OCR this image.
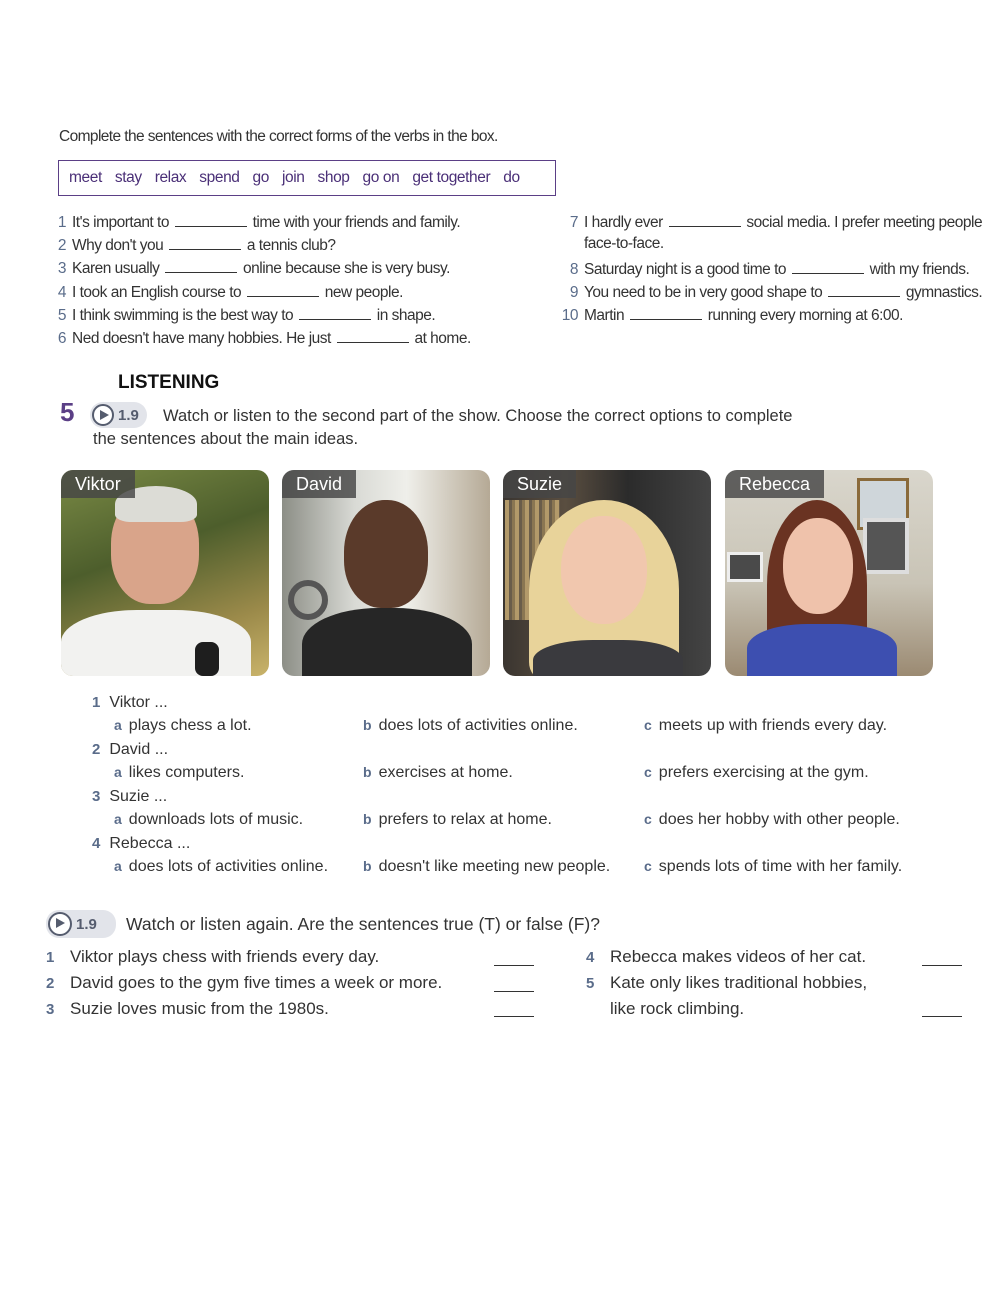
Complete the sentences with the correct forms of the verbs in the box.
meet stay relax spend go join shop go on get together do
1 It's important to	time with your friends and family.
2 Why don't you	a tennis club?
3 Karen usually	online because she is very busy.
4 I took an English course to	new people.
5 I think swimming is the best way to	in shape.
6 Ned doesn't have many hobbies. He just	at home.
7 I hardly ever	social media. I prefer meeting people
face-to-face.
8 Saturday night is a good time to	with my friends.
9 You need to be in very good shape to	gymnastics.
10 Martin	running every morning at 6:00.
LISTENING
5	1.9 Watch or listen to the second part of the show. Choose the correct options to complete
the sentences about the main ideas.
Viktor	David	Suzie	Rebecca
1 Viktor ...
a plays chess a lot.	b does lots of activities online.	c meets up with friends every day.
2 David ...
a likes computers.	b exercises at home.	c prefers exercising at the gym.
3 Suzie ...
a downloads lots of music.	b prefers to relax at home.	c does her hobby with other people.
4 Rebecca ...
a does lots of activities online. b doesn't like meeting new people. c spends lots of time with her family.
1.9 Watch or listen again. Are the sentences true (T) or false (F)?
1 Viktor plays chess with friends every day.
2 David goes to the gym five times a week or more.
3 Suzie loves music from the 1980s.
4 Rebecca makes videos of her cat.
5 Kate only likes traditional hobbies,
like rock climbing.
